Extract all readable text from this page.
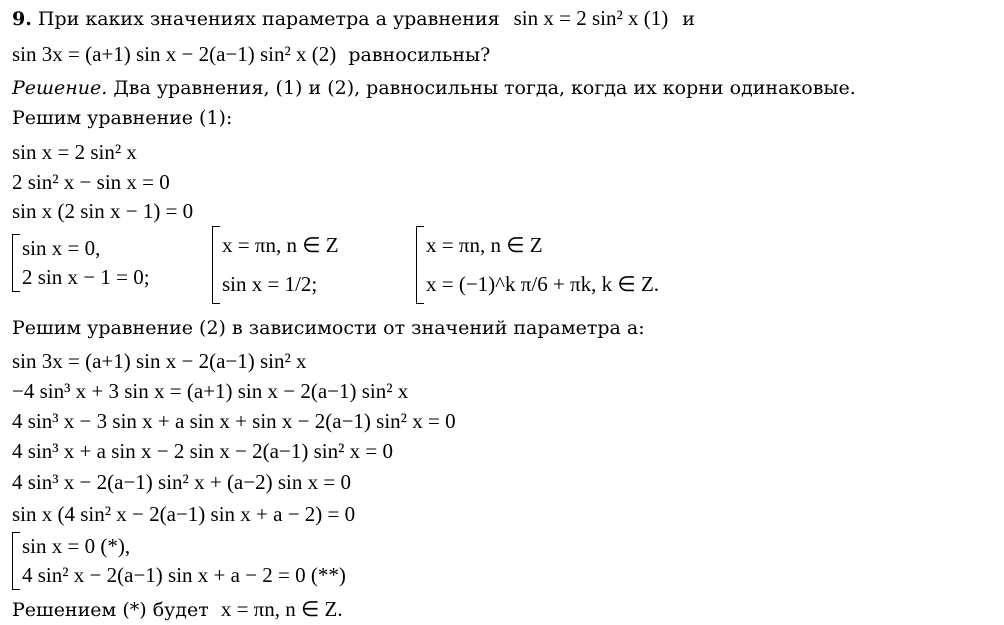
9. При каких значениях параметра a уравнения sin x = 2 sin² x (1) и
sin 3x = (a+1) sin x − 2(a−1) sin² x (2) равносильны?
Решение. Два уравнения, (1) и (2), равносильны тогда, когда их корни одинаковые.
Решим уравнение (1):
sin x = 2 sin² x
2 sin² x − sin x = 0
sin x (2 sin x − 1) = 0
sin x = 0,
2 sin x − 1 = 0;
x = πn, n ∈ Z
sin x = 1/2;
x = πn, n ∈ Z
x = (−1)^k π/6 + πk, k ∈ Z.
Решим уравнение (2) в зависимости от значений параметра a:
sin 3x = (a+1) sin x − 2(a−1) sin² x
−4 sin³ x + 3 sin x = (a+1) sin x − 2(a−1) sin² x
4 sin³ x − 3 sin x + a sin x + sin x − 2(a−1) sin² x = 0
4 sin³ x + a sin x − 2 sin x − 2(a−1) sin² x = 0
4 sin³ x − 2(a−1) sin² x + (a−2) sin x = 0
sin x (4 sin² x − 2(a−1) sin x + a − 2) = 0
sin x = 0 (*),
4 sin² x − 2(a−1) sin x + a − 2 = 0 (**)
Решением (*) будет x = πn, n ∈ Z.
